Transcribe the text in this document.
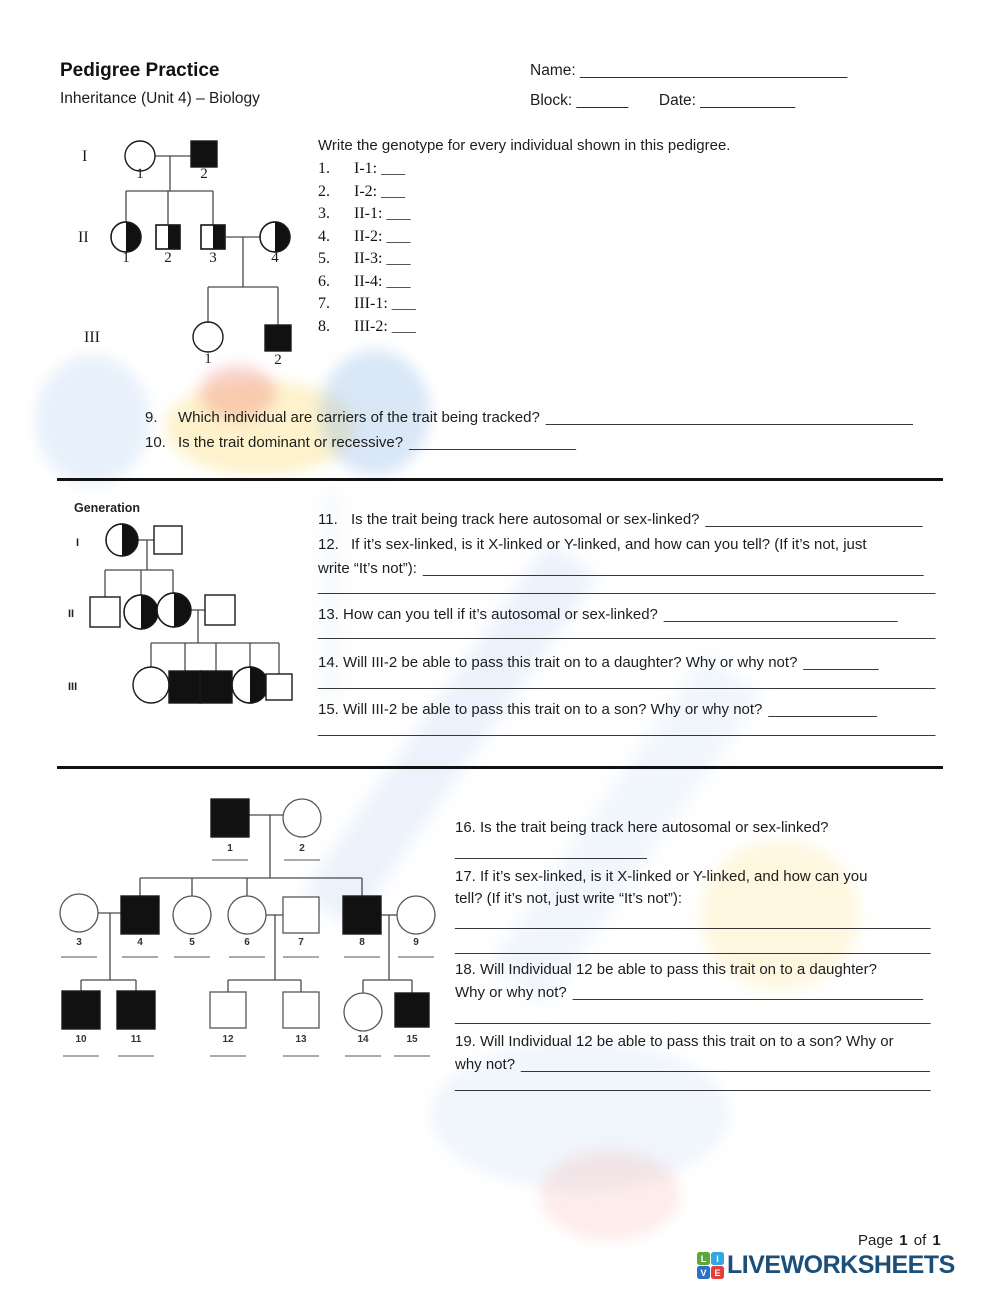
Pedigree Practice
Inheritance (Unit 4) – Biology
Name: _______________________________
Block: ______ Date: ___________
I
II
III
1	2
1 2	3	4
1	2
Write the genotype for every individual shown in this pedigree.
1. I-1: ___
2. I-2: ___
3. II-1: ___
4. II-2: ___
5. II-3: ___
6. II-4: ___
7. III-1: ___
8. III-2: ___
9. Which individual are carriers of the trait being tracked? ____________________________________________
10. Is the trait dominant or recessive? ____________________
Generation
I
II
III
11. Is the trait being track here autosomal or sex-linked? __________________________
12. If it’s sex-linked, is it X-linked or Y-linked, and how can you tell? (If it’s not, just
write “It’s not”): ____________________________________________________________
__________________________________________________________________________
13. How can you tell if it’s autosomal or sex-linked? ____________________________
__________________________________________________________________________
14. Will III-2 be able to pass this trait on to a daughter? Why or why not? _________
__________________________________________________________________________
15. Will III-2 be able to pass this trait on to a son? Why or why not? _____________
__________________________________________________________________________
1	2
3	4	5	6	7	8	9
10	11	12	13	14	15
16. Is the trait being track here autosomal or sex-linked?
_______________________
17. If it’s sex-linked, is it X-linked or Y-linked, and how can you
tell? (If it’s not, just write “It’s not”):
_________________________________________________________
_________________________________________________________
18. Will Individual 12 be able to pass this trait on to a daughter?
Why or why not? __________________________________________
_________________________________________________________
19. Will Individual 12 be able to pass this trait on to a son? Why or
why not? _________________________________________________
_________________________________________________________
Page 1 of 1
L	I
V E LIVEWORKSHEETS
